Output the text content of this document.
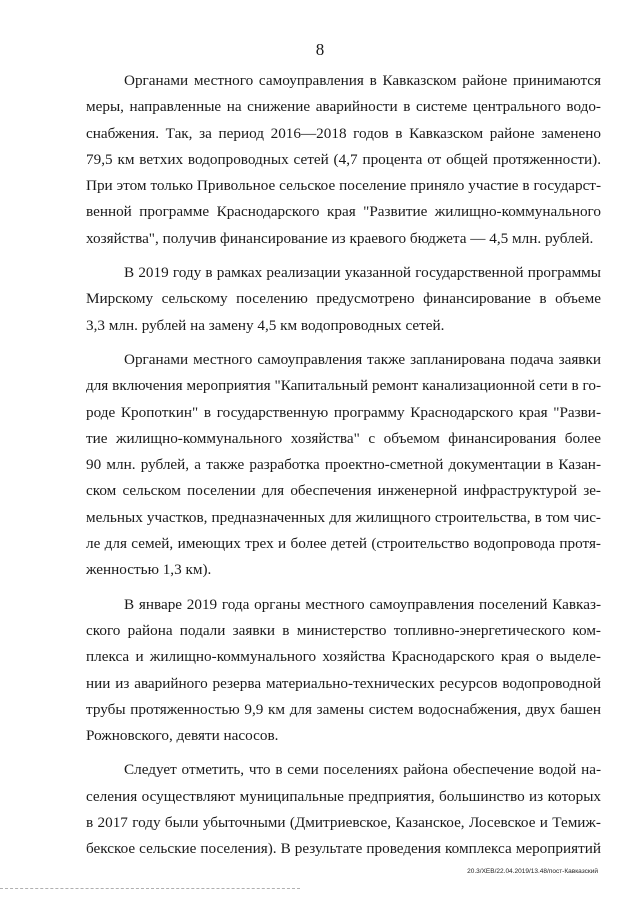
8

Органами местного самоуправления в Кавказском районе принимаются
меры, направленные на снижение аварийности в системе центрального водо-
снабжения. Так, за период 2016—2018 годов в Кавказском районе заменено
79,5 км ветхих водопроводных сетей (4,7 процента от общей протяженности).
При этом только Привольное сельское поселение приняло участие в государст-
венной программе Краснодарского края "Развитие жилищно-коммунального
хозяйства", получив финансирование из краевого бюджета — 4,5 млн. рублей.

В 2019 году в рамках реализации указанной государственной программы
Мирскому сельскому поселению предусмотрено финансирование в объеме
3,3 млн. рублей на замену 4,5 км водопроводных сетей.

Органами местного самоуправления также запланирована подача заявки
для включения мероприятия "Капитальный ремонт канализационной сети в го-
роде Кропоткин" в государственную программу Краснодарского края "Разви-
тие жилищно-коммунального хозяйства" с объемом финансирования более
90 млн. рублей, а также разработка проектно-сметной документации в Казан-
ском сельском поселении для обеспечения инженерной инфраструктурой зе-
мельных участков, предназначенных для жилищного строительства, в том чис-
ле для семей, имеющих трех и более детей (строительство водопровода протя-
женностью 1,3 км).

В январе 2019 года органы местного самоуправления поселений Кавказ-
ского района подали заявки в министерство топливно-энергетического ком-
плекса и жилищно-коммунального хозяйства Краснодарского края о выделе-
нии из аварийного резерва материально-технических ресурсов водопроводной
трубы протяженностью 9,9 км для замены систем водоснабжения, двух башен
Рожновского, девяти насосов.

Следует отметить, что в семи поселениях района обеспечение водой на-
селения осуществляют муниципальные предприятия, большинство из которых
в 2017 году были убыточными (Дмитриевское, Казанское, Лосевское и Темиж-
бекское сельские поселения). В результате проведения комплекса мероприятий

20.3/ХЕВ/22.04.2019/13.48/пост-Кавказский
